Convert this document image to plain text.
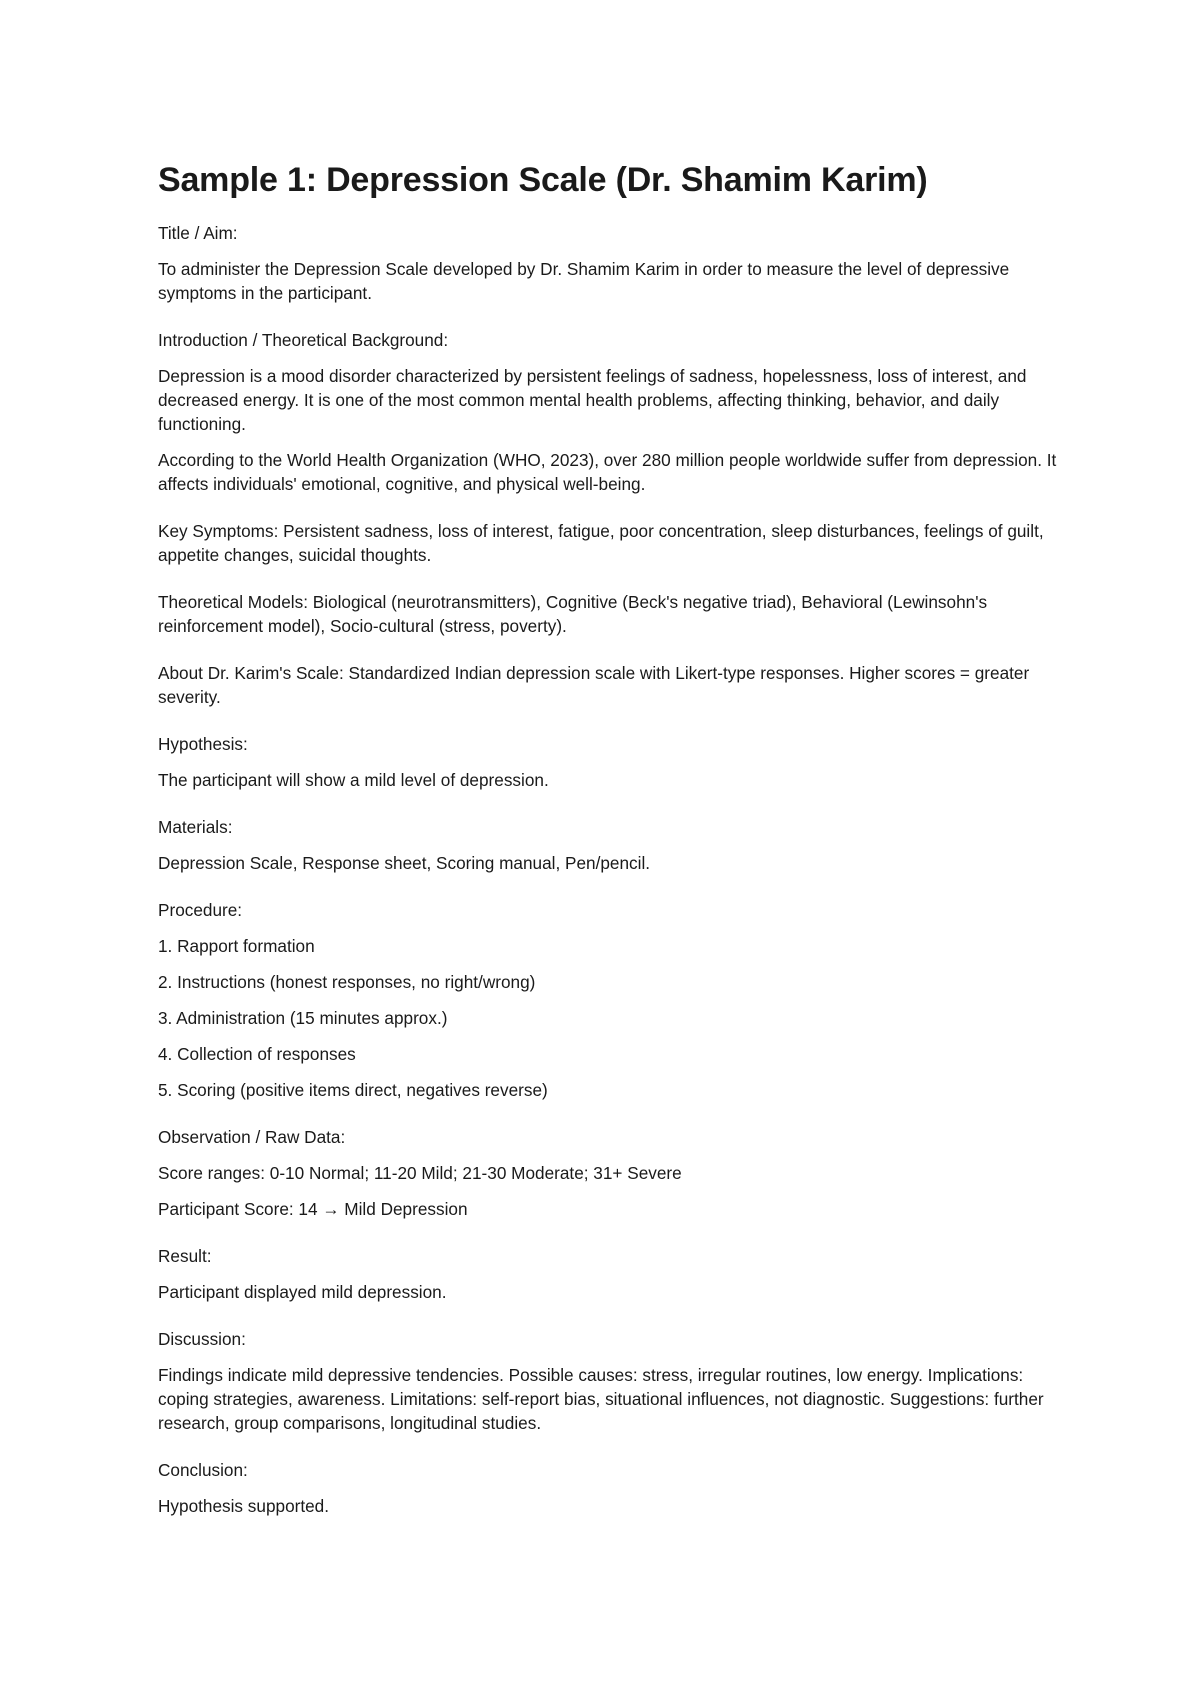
Sample 1: Depression Scale (Dr. Shamim Karim)

Title / Aim:

To administer the Depression Scale developed by Dr. Shamim Karim in order to measure the level of depressive symptoms in the participant.

Introduction / Theoretical Background:

Depression is a mood disorder characterized by persistent feelings of sadness, hopelessness, loss of interest, and decreased energy. It is one of the most common mental health problems, affecting thinking, behavior, and daily functioning.

According to the World Health Organization (WHO, 2023), over 280 million people worldwide suffer from depression. It affects individuals' emotional, cognitive, and physical well-being.

Key Symptoms: Persistent sadness, loss of interest, fatigue, poor concentration, sleep disturbances, feelings of guilt, appetite changes, suicidal thoughts.

Theoretical Models: Biological (neurotransmitters), Cognitive (Beck's negative triad), Behavioral (Lewinsohn's reinforcement model), Socio-cultural (stress, poverty).

About Dr. Karim's Scale: Standardized Indian depression scale with Likert-type responses. Higher scores = greater severity.

Hypothesis:

The participant will show a mild level of depression.

Materials:

Depression Scale, Response sheet, Scoring manual, Pen/pencil.

Procedure:

1. Rapport formation

2. Instructions (honest responses, no right/wrong)

3. Administration (15 minutes approx.)

4. Collection of responses

5. Scoring (positive items direct, negatives reverse)

Observation / Raw Data:

Score ranges: 0-10 Normal; 11-20 Mild; 21-30 Moderate; 31+ Severe

Participant Score: 14 → Mild Depression

Result:

Participant displayed mild depression.

Discussion:

Findings indicate mild depressive tendencies. Possible causes: stress, irregular routines, low energy. Implications: coping strategies, awareness. Limitations: self-report bias, situational influences, not diagnostic. Suggestions: further research, group comparisons, longitudinal studies.

Conclusion:

Hypothesis supported.
